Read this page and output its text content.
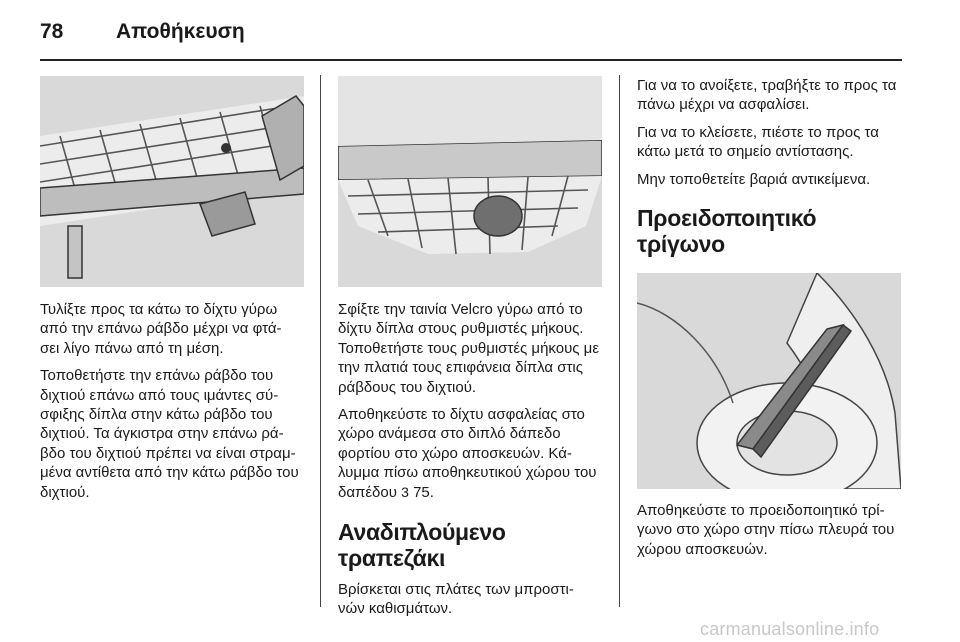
78	Αποθήκευση

Τυλίξτε προς τα κάτω το δίχτυ γύρω από την επάνω ράβδο μέχρι να φτά- σει λίγο πάνω από τη μέση.

Τοποθετήστε την επάνω ράβδο του διχτιού επάνω από τους ιμάντες σύ- σφιξης δίπλα στην κάτω ράβδο του διχτιού. Τα άγκιστρα στην επάνω ρά- βδο του διχτιού πρέπει να είναι στραμ- μένα αντίθετα από την κάτω ράβδο του διχτιού.

Σφίξτε την ταινία Velcro γύρω από το δίχτυ δίπλα στους ρυθμιστές μήκους. Τοποθετήστε τους ρυθμιστές μήκους με την πλατιά τους επιφάνεια δίπλα στις ράβδους του διχτιού.

Αποθηκεύστε το δίχτυ ασφαλείας στο χώρο ανάμεσα στο διπλό δάπεδο φορτίου στο χώρο αποσκευών. Κά- λυμμα πίσω αποθηκευτικού χώρου του δαπέδου 3 75.

Αναδιπλούμενο τραπεζάκι

Βρίσκεται στις πλάτες των μπροστι- νών καθισμάτων.

Για να το ανοίξετε, τραβήξτε το προς τα πάνω μέχρι να ασφαλίσει.

Για να το κλείσετε, πιέστε το προς τα κάτω μετά το σημείο αντίστασης.

Μην τοποθετείτε βαριά αντικείμενα.

Προειδοποιητικό τρίγωνο

Αποθηκεύστε το προειδοποιητικό τρί- γωνο στο χώρο στην πίσω πλευρά του χώρου αποσκευών.

carmanualsonline.info
